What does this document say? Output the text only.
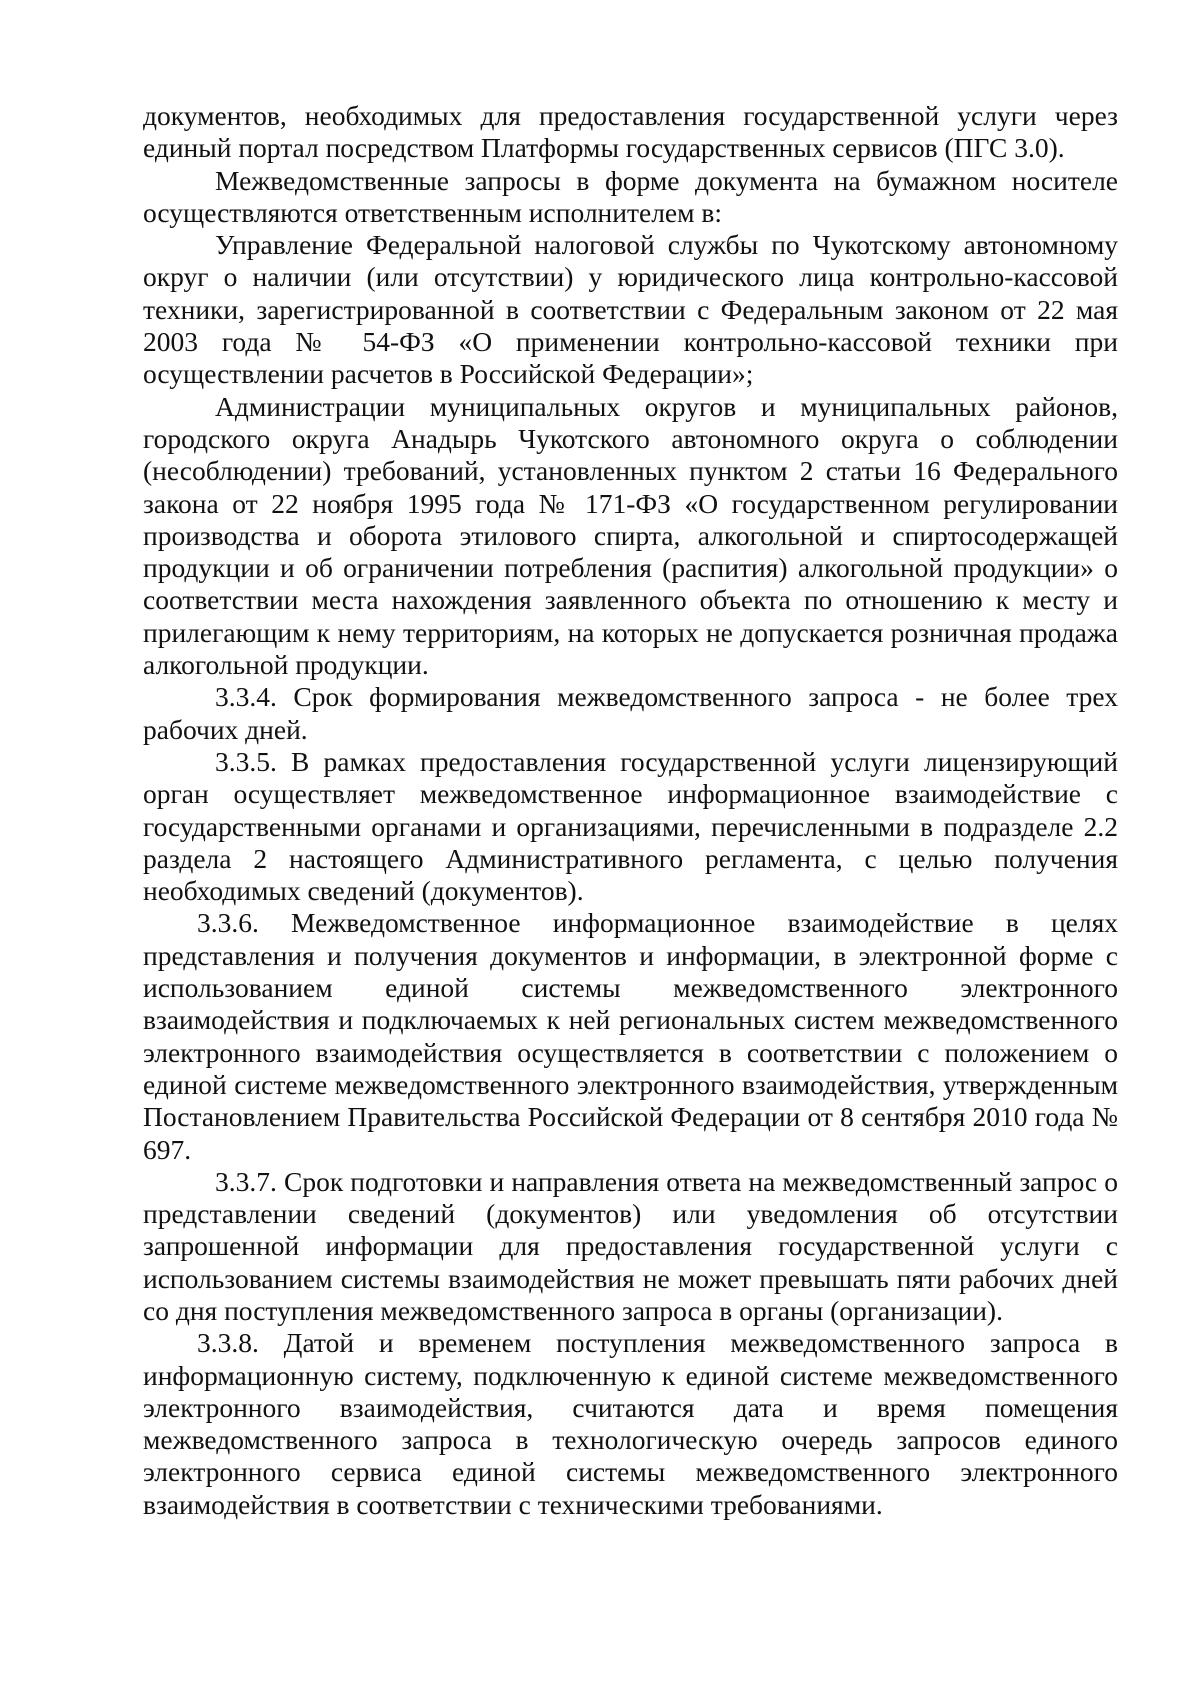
документов, необходимых для предоставления государственной услуги через единый портал посредством Платформы государственных сервисов (ПГС 3.0).

Межведомственные запросы в форме документа на бумажном носителе осуществляются ответственным исполнителем в:

Управление Федеральной налоговой службы по Чукотскому автономному округ о наличии (или отсутствии) у юридического лица контрольно-кассовой техники, зарегистрированной в соответствии с Федеральным законом от 22 мая 2003 года № 54-ФЗ «О применении контрольно-кассовой техники при осуществлении расчетов в Российской Федерации»;

Администрации муниципальных округов и муниципальных районов, городского округа Анадырь Чукотского автономного округа о соблюдении (несоблюдении) требований, установленных пунктом 2 статьи 16 Федерального закона от 22 ноября 1995 года № 171-ФЗ «О государственном регулировании производства и оборота этилового спирта, алкогольной и спиртосодержащей продукции и об ограничении потребления (распития) алкогольной продукции» о соответствии места нахождения заявленного объекта по отношению к месту и прилегающим к нему территориям, на которых не допускается розничная продажа алкогольной продукции.

3.3.4. Срок формирования межведомственного запроса - не более трех рабочих дней.

3.3.5. В рамках предоставления государственной услуги лицензирующий орган осуществляет межведомственное информационное взаимодействие с государственными органами и организациями, перечисленными в подразделе 2.2 раздела 2 настоящего Административного регламента, с целью получения необходимых сведений (документов).

3.3.6. Межведомственное информационное взаимодействие в целях представления и получения документов и информации, в электронной форме с использованием единой системы межведомственного электронного взаимодействия и подключаемых к ней региональных систем межведомственного электронного взаимодействия осуществляется в соответствии с положением о единой системе межведомственного электронного взаимодействия, утвержденным Постановлением Правительства Российской Федерации от 8 сентября 2010 года № 697.

3.3.7. Срок подготовки и направления ответа на межведомственный запрос о представлении сведений (документов) или уведомления об отсутствии запрошенной информации для предоставления государственной услуги с использованием системы взаимодействия не может превышать пяти рабочих дней со дня поступления межведомственного запроса в органы (организации).

3.3.8. Датой и временем поступления межведомственного запроса в информационную систему, подключенную к единой системе межведомственного электронного взаимодействия, считаются дата и время помещения межведомственного запроса в технологическую очередь запросов единого электронного сервиса единой системы межведомственного электронного взаимодействия в соответствии с техническими требованиями.
